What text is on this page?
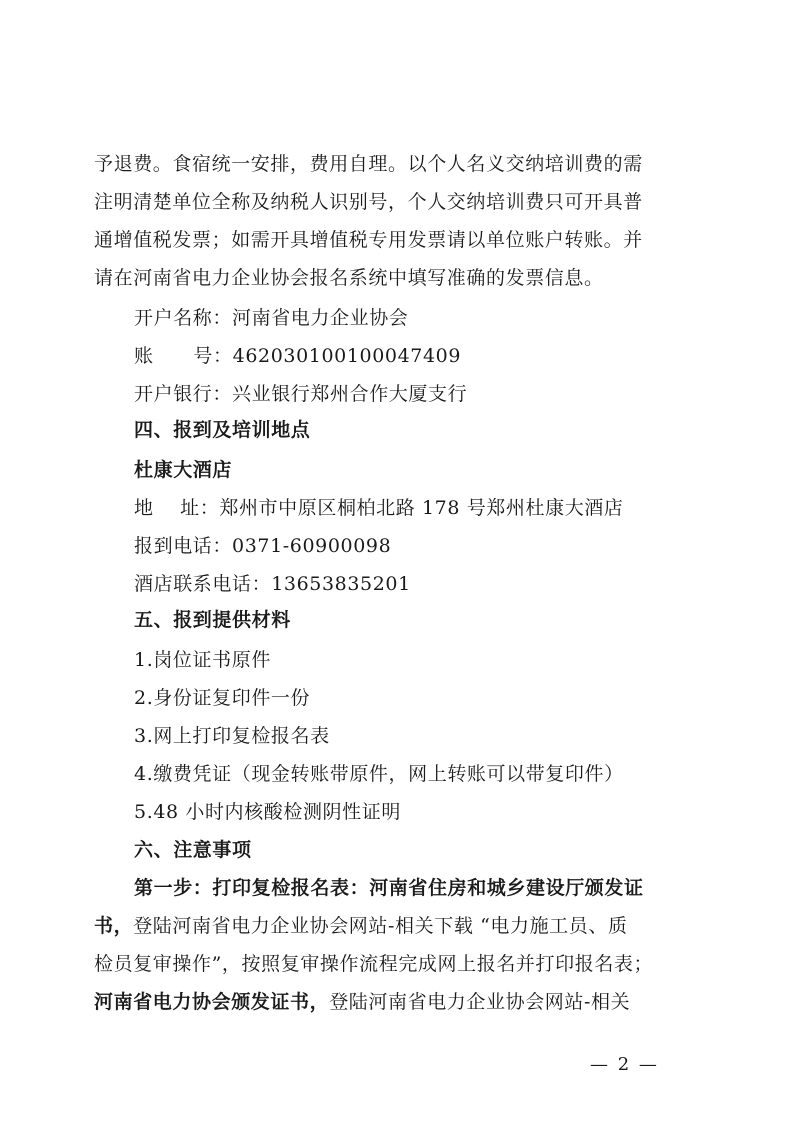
予退费。食宿统一安排，费用自理。以个人名义交纳培训费的需
注明清楚单位全称及纳税人识别号，个人交纳培训费只可开具普
通增值税发票；如需开具增值税专用发票请以单位账户转账。并
请在河南省电力企业协会报名系统中填写准确的发票信息。
开户名称：河南省电力企业协会
账      号：462030100100047409
开户银行：兴业银行郑州合作大厦支行
四、报到及培训地点
杜康大酒店
地    址：郑州市中原区桐柏北路 178 号郑州杜康大酒店
报到电话：0371-60900098
酒店联系电话：13653835201
五、报到提供材料
1.岗位证书原件
2.身份证复印件一份
3.网上打印复检报名表
4.缴费凭证（现金转账带原件，网上转账可以带复印件）
5.48 小时内核酸检测阴性证明
六、注意事项
第一步：打印复检报名表：河南省住房和城乡建设厅颁发证
书，登陆河南省电力企业协会网站-相关下载 “电力施工员、质
检员复审操作”，按照复审操作流程完成网上报名并打印报名表；
河南省电力协会颁发证书，登陆河南省电力企业协会网站-相关
— 2 —
